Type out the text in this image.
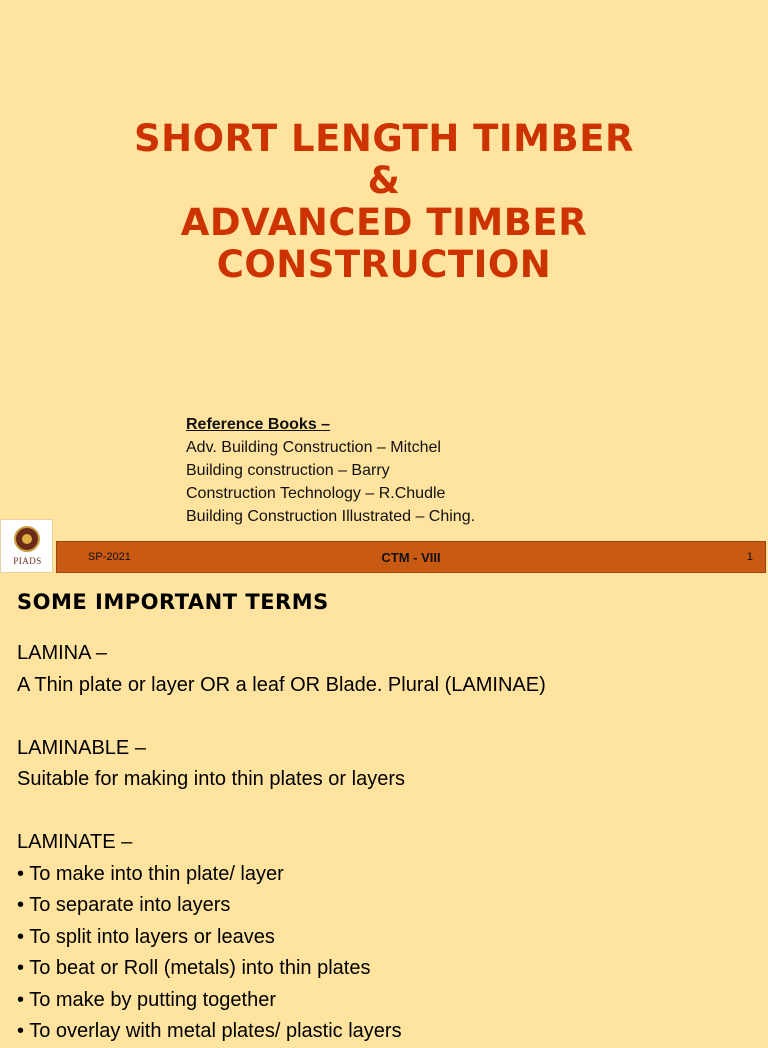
SHORT LENGTH TIMBER
&
ADVANCED TIMBER
CONSTRUCTION
Reference Books –
Adv. Building Construction – Mitchel
Building construction – Barry
Construction Technology – R.Chudle
Building Construction Illustrated – Ching.
PIADS	SP-2021	CTM - VIII	1
SOME IMPORTANT TERMS
LAMINA –
A Thin plate or layer OR a leaf OR Blade. Plural (LAMINAE)
LAMINABLE –
Suitable for making into thin plates or layers
LAMINATE –
• To make into thin plate/ layer
• To separate into layers
• To split into layers or leaves
• To beat or Roll (metals) into thin plates
• To make by putting together
• To overlay with metal plates/ plastic layers
